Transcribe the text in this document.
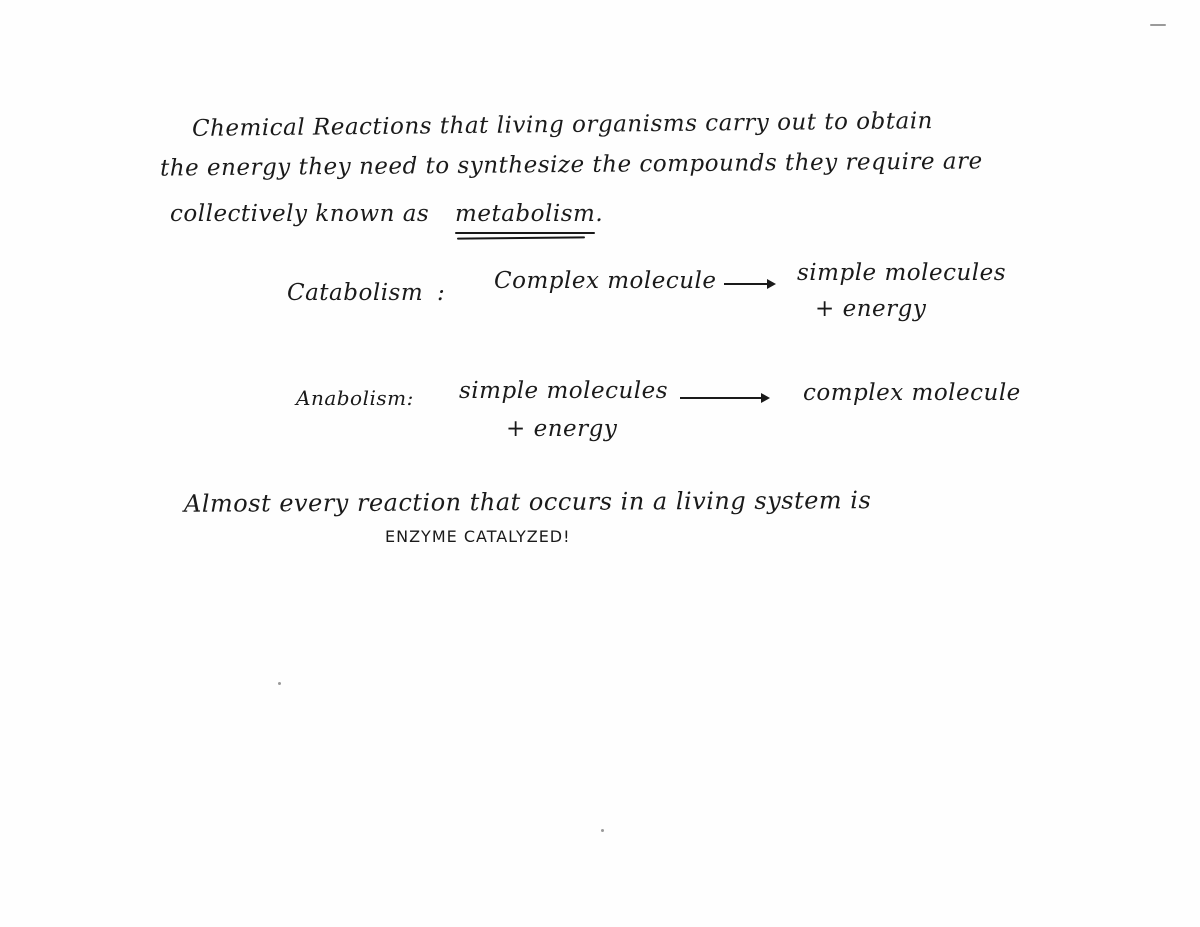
Chemical Reactions that living organisms carry out to obtain
the energy they need to synthesize the compounds they require are
collectively known as metabolism
.
Catabolism : Complex molecule	simple molecules
+ energy
Anabolism: simple molecules
+ energy
complex molecule
Almost every reaction that occurs in a living system is
ENZYME CATALYZED!
